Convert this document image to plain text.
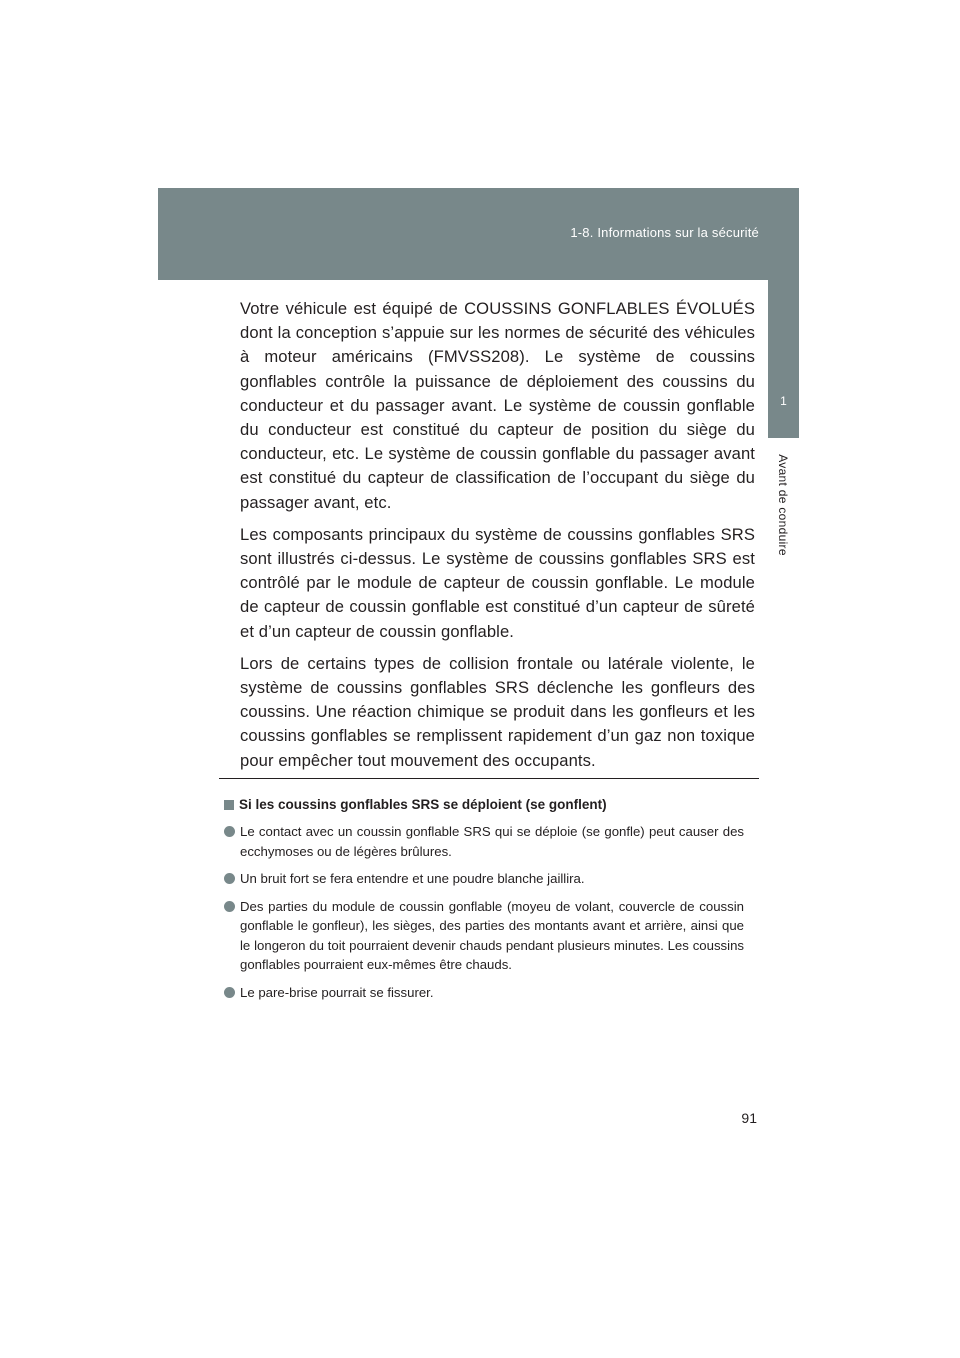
1-8. Informations sur la sécurité
1
Avant de conduire

Votre véhicule est équipé de COUSSINS GONFLABLES ÉVOLUÉS dont la conception s’appuie sur les normes de sécurité des véhicules à moteur américains (FMVSS208). Le système de coussins gonflables contrôle la puissance de déploiement des coussins du conducteur et du passager avant. Le système de coussin gonflable du conducteur est constitué du capteur de position du siège du conducteur, etc. Le système de coussin gonflable du passager avant est constitué du capteur de classification de l’occupant du siège du passager avant, etc.

Les composants principaux du système de coussins gonflables SRS sont illustrés ci-dessus. Le système de coussins gonflables SRS est contrôlé par le module de capteur de coussin gonflable. Le module de capteur de coussin gonflable est constitué d’un capteur de sûreté et d’un capteur de coussin gonflable.

Lors de certains types de collision frontale ou latérale violente, le système de coussins gonflables SRS déclenche les gonfleurs des coussins. Une réaction chimique se produit dans les gonfleurs et les coussins gonflables se remplissent rapidement d’un gaz non toxique pour empêcher tout mouvement des occupants.

Si les coussins gonflables SRS se déploient (se gonflent)
Le contact avec un coussin gonflable SRS qui se déploie (se gonfle) peut causer des ecchymoses ou de légères brûlures.
Un bruit fort se fera entendre et une poudre blanche jaillira.
Des parties du module de coussin gonflable (moyeu de volant, couvercle de coussin gonflable le gonfleur), les sièges, des parties des montants avant et arrière, ainsi que le longeron du toit pourraient devenir chauds pendant plusieurs minutes. Les coussins gonflables pourraient eux-mêmes être chauds.
Le pare-brise pourrait se fissurer.
91
